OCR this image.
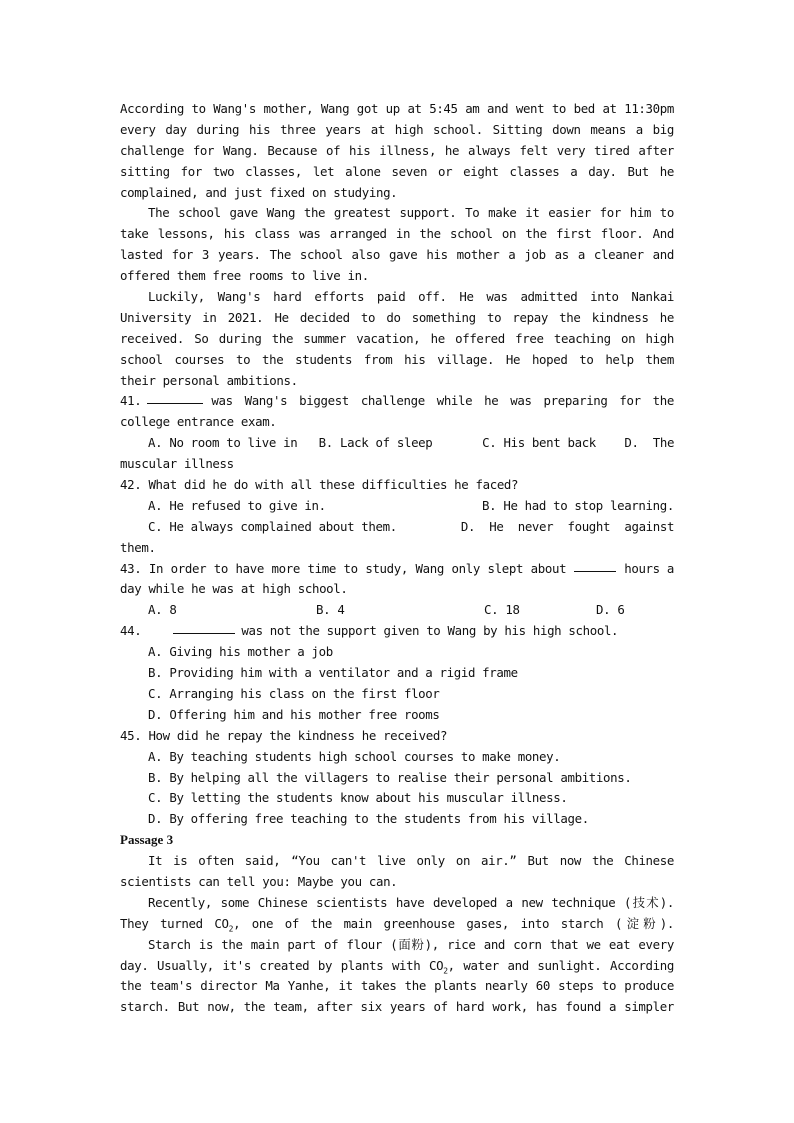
According to Wang's mother, Wang got up at 5:45 am and went to bed at 11:30pm
every day during his three years at high school. Sitting down means a big
challenge for Wang. Because of his illness, he always felt very tired after
sitting for two classes, let alone seven or eight classes a day. But he
complained, and just fixed on studying.
The school gave Wang the greatest support. To make it easier for him to
take lessons, his class was arranged in the school on the first floor. And
lasted for 3 years. The school also gave his mother a job as a cleaner and
offered them free rooms to live in.
Luckily, Wang's hard efforts paid off. He was admitted into Nankai
University in 2021. He decided to do something to repay the kindness he
received. So during the summer vacation, he offered free teaching on high
school courses to the students from his village. He hoped to help them
their personal ambitions.
41.	was Wang's biggest challenge while he was preparing for the
college entrance exam.
A. No room to live in   B. Lack of sleep       C. His bent back    D.  The
muscular illness
42. What did he do with all these difficulties he faced?
A. He refused to give in.	B. He had to stop learning.
C. He always complained about them.         D.  He  never  fought  against
them.
43. In order to have more time to study, Wang only slept about	hours a
day while he was at high school.
A. 8	B. 4	C. 18	D. 6
44.	was not the support given to Wang by his high school.
A. Giving his mother a job
B. Providing him with a ventilator and a rigid frame
C. Arranging his class on the first floor
D. Offering him and his mother free rooms
45. How did he repay the kindness he received?
A. By teaching students high school courses to make money.
B. By helping all the villagers to realise their personal ambitions.
C. By letting the students know about his muscular illness.
D. By offering free teaching to the students from his village.
Passage 3
It is often said, “You can't live only on air.” But now the Chinese
scientists can tell you: Maybe you can.
Recently, some Chinese scientists have developed a new technique (技术).
They turned $CO_2$, one of the main greenhouse gases, into starch (淀粉).
Starch is the main part of flour (面粉), rice and corn that we eat every
day. Usually, it's created by plants with $CO_2$, water and sunlight. According
the team's director Ma Yanhe, it takes the plants nearly 60 steps to produce
starch. But now, the team, after six years of hard work, has found a simpler
